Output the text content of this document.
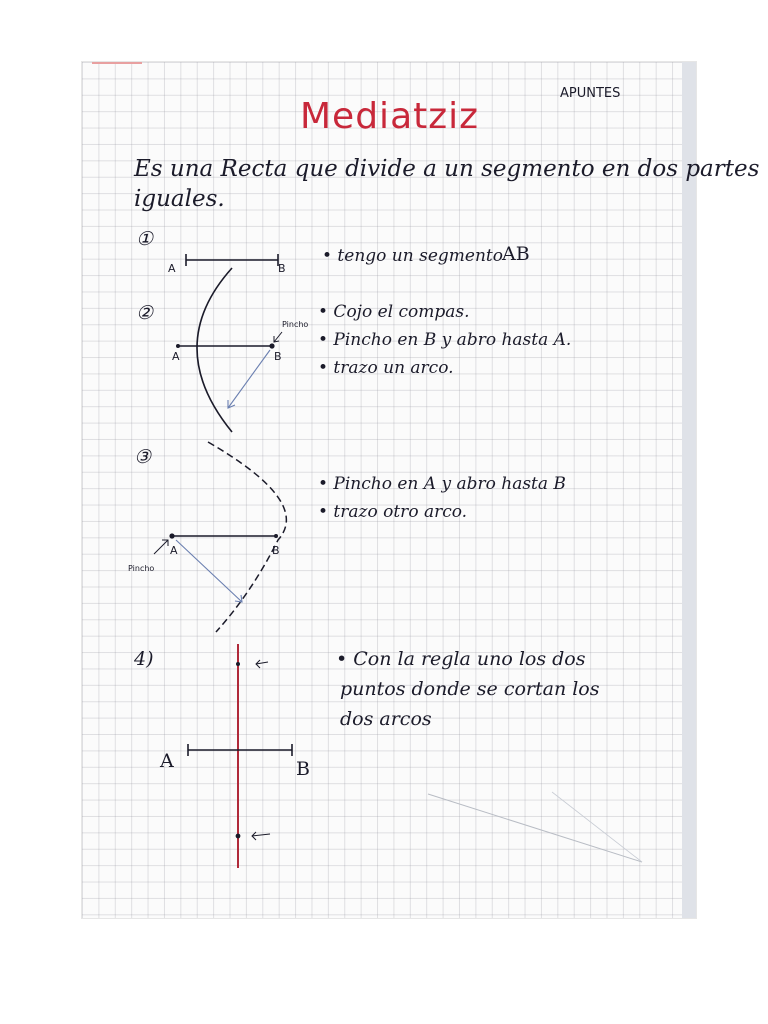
Mediatziz
APUNTES
Es una Recta que divide a un segmento en dos partes
iguales.
①
②
③
4)
• tengo un segmento AB
• Cojo el compas.
• Pincho en B y abro hasta A.
• trazo un arco.
• Pincho en A y abro hasta B
• trazo otro arco.
• Con la regla uno los dos
puntos donde se cortan los
dos arcos
A	B
A	B
Pincho
A	B
Pincho
A	B
